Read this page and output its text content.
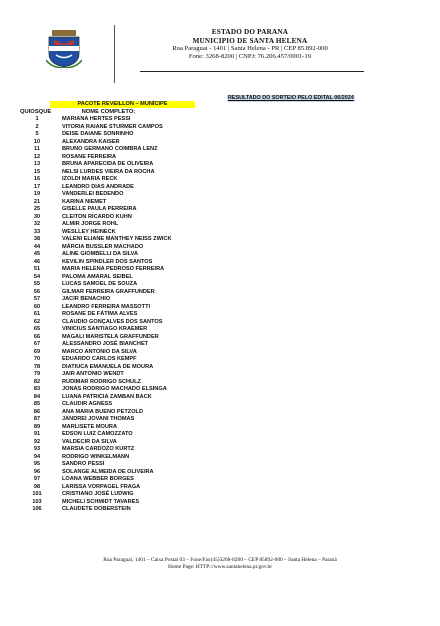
ESTADO DO PARANA
MUNICIPIO DE SANTA HELENA
Rua Paraguai - 1401 | Santa Helena - PR | CEP 85.892-000
Fone: 3268-8200 | CNPJ: 76.206.457/0001-19
RESULTADO DO SORTEIO PELO EDITAL 06/2024
PACOTE REVEILLON – MUNÍCIPE
QUIOSQUE	NOME COMPLETO:
1	MARIANA HERTES PESSI
2	VITORIA RAIANE STURMER CAMPOS
5	DEISE DAIANE SONRINHO
10	ALEXANDRA KAISER
11	BRUNO GERMANO COIMBRA LENZ
12	ROSANE FERREIRA
13	BRUNA APARECIDA DE OLIVEIRA
15	NELSI LURDES VIEIRA DA ROCHA
16	IZOLDI MARIA RECK
17	LEANDRO DIAS ANDRADE
19	VANDERLEI BEDENDO
21	KARINA NIEMET
25	GISELLE PAULA PERREIRA
30	CLEITON RICARDO KUHN
32	ALMIR JORGE ROHL
33	WESLLEY HEINECK
38	VALENI ELIANE MANTHEY NEISS ZWICK
44	MÁRCIA BUSSLER MACHADO
45	ALINE GIOMBELLI DA SILVA
46	KEVILIN SPINDLER DOS SANTOS
51	MARIA HELENA PEDROSO FERREIRA
54	PALOMA AMARAL SEIBEL
55	LUCAS SAMOEL DE SOUZA
56	GILMAR FERREIRA GRAFFUNDER
57	JACIR BENACHIO
60	LEANDRO FERREIRA MASSOTTI
61	ROSANE DE FÁTIMA ALVES
62	CLAUDIO GONÇALVES DOS SANTOS
65	VINICIUS SANTIAGO KRAEMER
66	MAGALI MARISTELA GRAFFUNDER
67	ALESSANDRO JOSÉ BIANCHET
69	MARCO ANTONIO DA SILVA
70	EDUARDO CARLOS KEMPF
78	DIATIUCA EMANUELA DE MOURA
79	JAIR ANTONIO WENDT
82	RUDIMAR RODRIGO SCHULZ
83	JONAS RODRIGO MACHADO ELSINGA
84	LUANA PATRICIA ZAMBAN BACK
85	CLAUDIR AGNESS
86	ANA MARIA BUENO PETZOLD
87	JANDREI JOVANI THOMAS
89	MARLISETE MOURA
91	EDSON LUIZ CAMOZZATO
92	VALDECIR DA SILVA
93	MARSIA CARDOZO KURTZ
94	RODRIGO WINKELMANN
95	SANDRO PESSI
96	SOLANGE ALMEIDA DE OLIVEIRA
97	LOANA WEBBER BORGES
98	LARISSA VORPAGEL FRAGA
101	CRISTIANO JOSÉ LUDWIG
103	MICHELI SCHMIDT TAVARES
106	CLAUDETE DOBERSTEIN
Rua Paraguai, 1401 – Caixa Postal 03 – Fone/Fax(45)3268-8200 – CEP 85892-000 – Santa Helena – Paraná
Home Page: HTTP://www.santahelena.pr.gov.br
